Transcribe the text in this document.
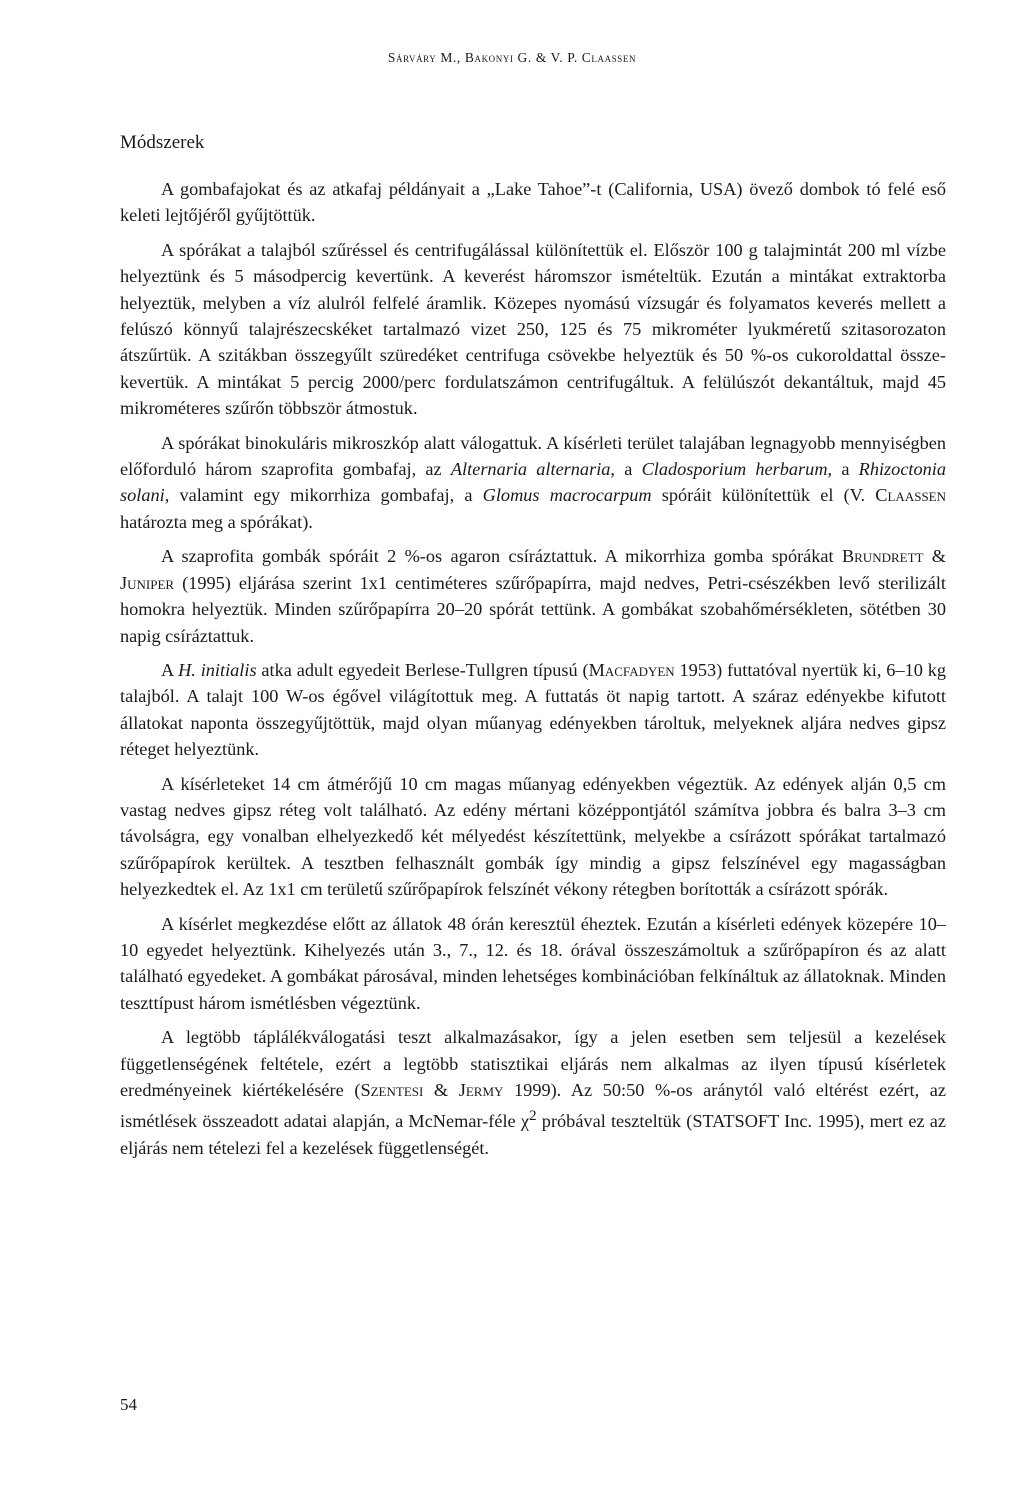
Sárváry M., Bakonyi G. & V. P. Claassen
Módszerek

A gombafajokat és az atkafaj példányait a „Lake Tahoe”-t (California, USA) övező dombok tó felé eső keleti lejtőjéről gyűjtöttük.

A spórákat a talajból szűréssel és centrifugálással különítettük el. Először 100 g talajmintát 200 ml vízbe helyeztünk és 5 másodpercig kevertünk. A keverést háromszor ismételtük. Ezután a mintákat extraktorba helyeztük, melyben a víz alulról felfelé áramlik. Közepes nyomású vízsugár és folyamatos keverés mellett a felúszó könnyű talajrészecskéket tartalmazó vizet 250, 125 és 75 mikrométer lyukméretű szitasorozaton átszűrtük. A szitákban összegyűlt szüredéket centrifuga csövekbe helyeztük és 50 %-os cukoroldattal összekevertük. A mintákat 5 percig 2000/perc fordulatszámon centrifugáltuk. A felülúszót dekantáltuk, majd 45 mikrométeres szűrőn többször átmostuk.

A spórákat binokuláris mikroszkóp alatt válogattuk. A kísérleti terület talajában legnagyobb mennyiségben előforduló három szaprofita gombafaj, az Alternaria alternaria, a Cladosporium herbarum, a Rhizoctonia solani, valamint egy mikorrhiza gombafaj, a Glomus macrocarpum spóráit különítettük el (V. Claassen határozta meg a spórákat).

A szaprofita gombák spóráit 2 %-os agaron csíráztattuk. A mikorrhiza gomba spórákat Brundrett & Juniper (1995) eljárása szerint 1x1 centiméteres szűrőpapírra, majd nedves, Petri-csészékben levő sterilizált homokra helyeztük. Minden szűrőpapírra 20–20 spórát tettünk. A gombákat szobahőmérsékleten, sötétben 30 napig csíráztattuk.

A H. initialis atka adult egyedeit Berlese-Tullgren típusú (Macfadyen 1953) futtatóval nyertük ki, 6–10 kg talajból. A talajt 100 W-os égővel világítottuk meg. A futtatás öt napig tartott. A száraz edényekbe kifutott állatokat naponta összegyűjtöttük, majd olyan műanyag edényekben tároltuk, melyeknek aljára nedves gipsz réteget helyeztünk.

A kísérleteket 14 cm átmérőjű 10 cm magas műanyag edényekben végeztük. Az edények alján 0,5 cm vastag nedves gipsz réteg volt található. Az edény mértani középpontjától számítva jobbra és balra 3–3 cm távolságra, egy vonalban elhelyezkedő két mélyedést készítettünk, melyekbe a csírázott spórákat tartalmazó szűrőpapírok kerültek. A tesztben felhasznált gombák így mindig a gipsz felszínével egy magasságban helyezkedtek el. Az 1x1 cm területű szűrőpapírok felszínét vékony rétegben borították a csírázott spórák.

A kísérlet megkezdése előtt az állatok 48 órán keresztül éheztek. Ezután a kísérleti edények közepére 10–10 egyedet helyeztünk. Kihelyezés után 3., 7., 12. és 18. órával összeszámoltuk a szűrőpapíron és az alatt található egyedeket. A gombákat párosával, minden lehetséges kombinációban felkínáltuk az állatoknak. Minden teszttípust három ismétlésben végeztünk.

A legtöbb táplálékválogatási teszt alkalmazásakor, így a jelen esetben sem teljesül a kezelések függetlenségének feltétele, ezért a legtöbb statisztikai eljárás nem alkalmas az ilyen típusú kísérletek eredményeinek kiértékelésére (Szentesi & Jermy 1999). Az 50:50 %-os aránytól való eltérést ezért, az ismétlések összeadott adatai alapján, a McNemar-féle $\chi^2$ próbával teszteltük (STATSOFT Inc. 1995), mert ez az eljárás nem tételezi fel a kezelések függetlenségét.

54
